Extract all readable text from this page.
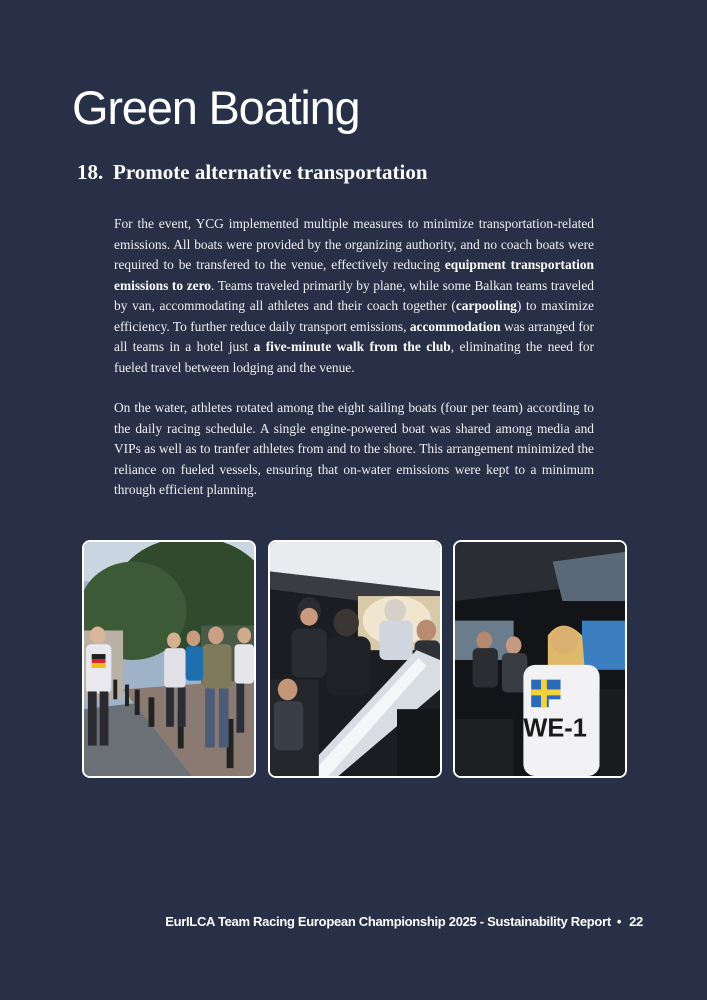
Green Boating
18. Promote alternative transportation

For the event, YCG implemented multiple measures to minimize transportation-related emissions. All boats were provided by the organizing authority, and no coach boats were required to be transfered to the venue, effectively reducing equipment transportation emissions to zero. Teams traveled primarily by plane, while some Balkan teams traveled by van, accommodating all athletes and their coach together (carpooling) to maximize efficiency. To further reduce daily transport emissions, accommodation was arranged for all teams in a hotel just a five-minute walk from the club, eliminating the need for fueled travel between lodging and the venue.

On the water, athletes rotated among the eight sailing boats (four per team) according to the daily racing schedule. A single engine-powered boat was shared among media and VIPs as well as to tranfer athletes from and to the shore. This arrangement minimized the reliance on fueled vessels, ensuring that on-water emissions were kept to a minimum through efficient planning.

WE-1
EurILCA Team Racing European Championship 2025 - Sustainability Report • 22
